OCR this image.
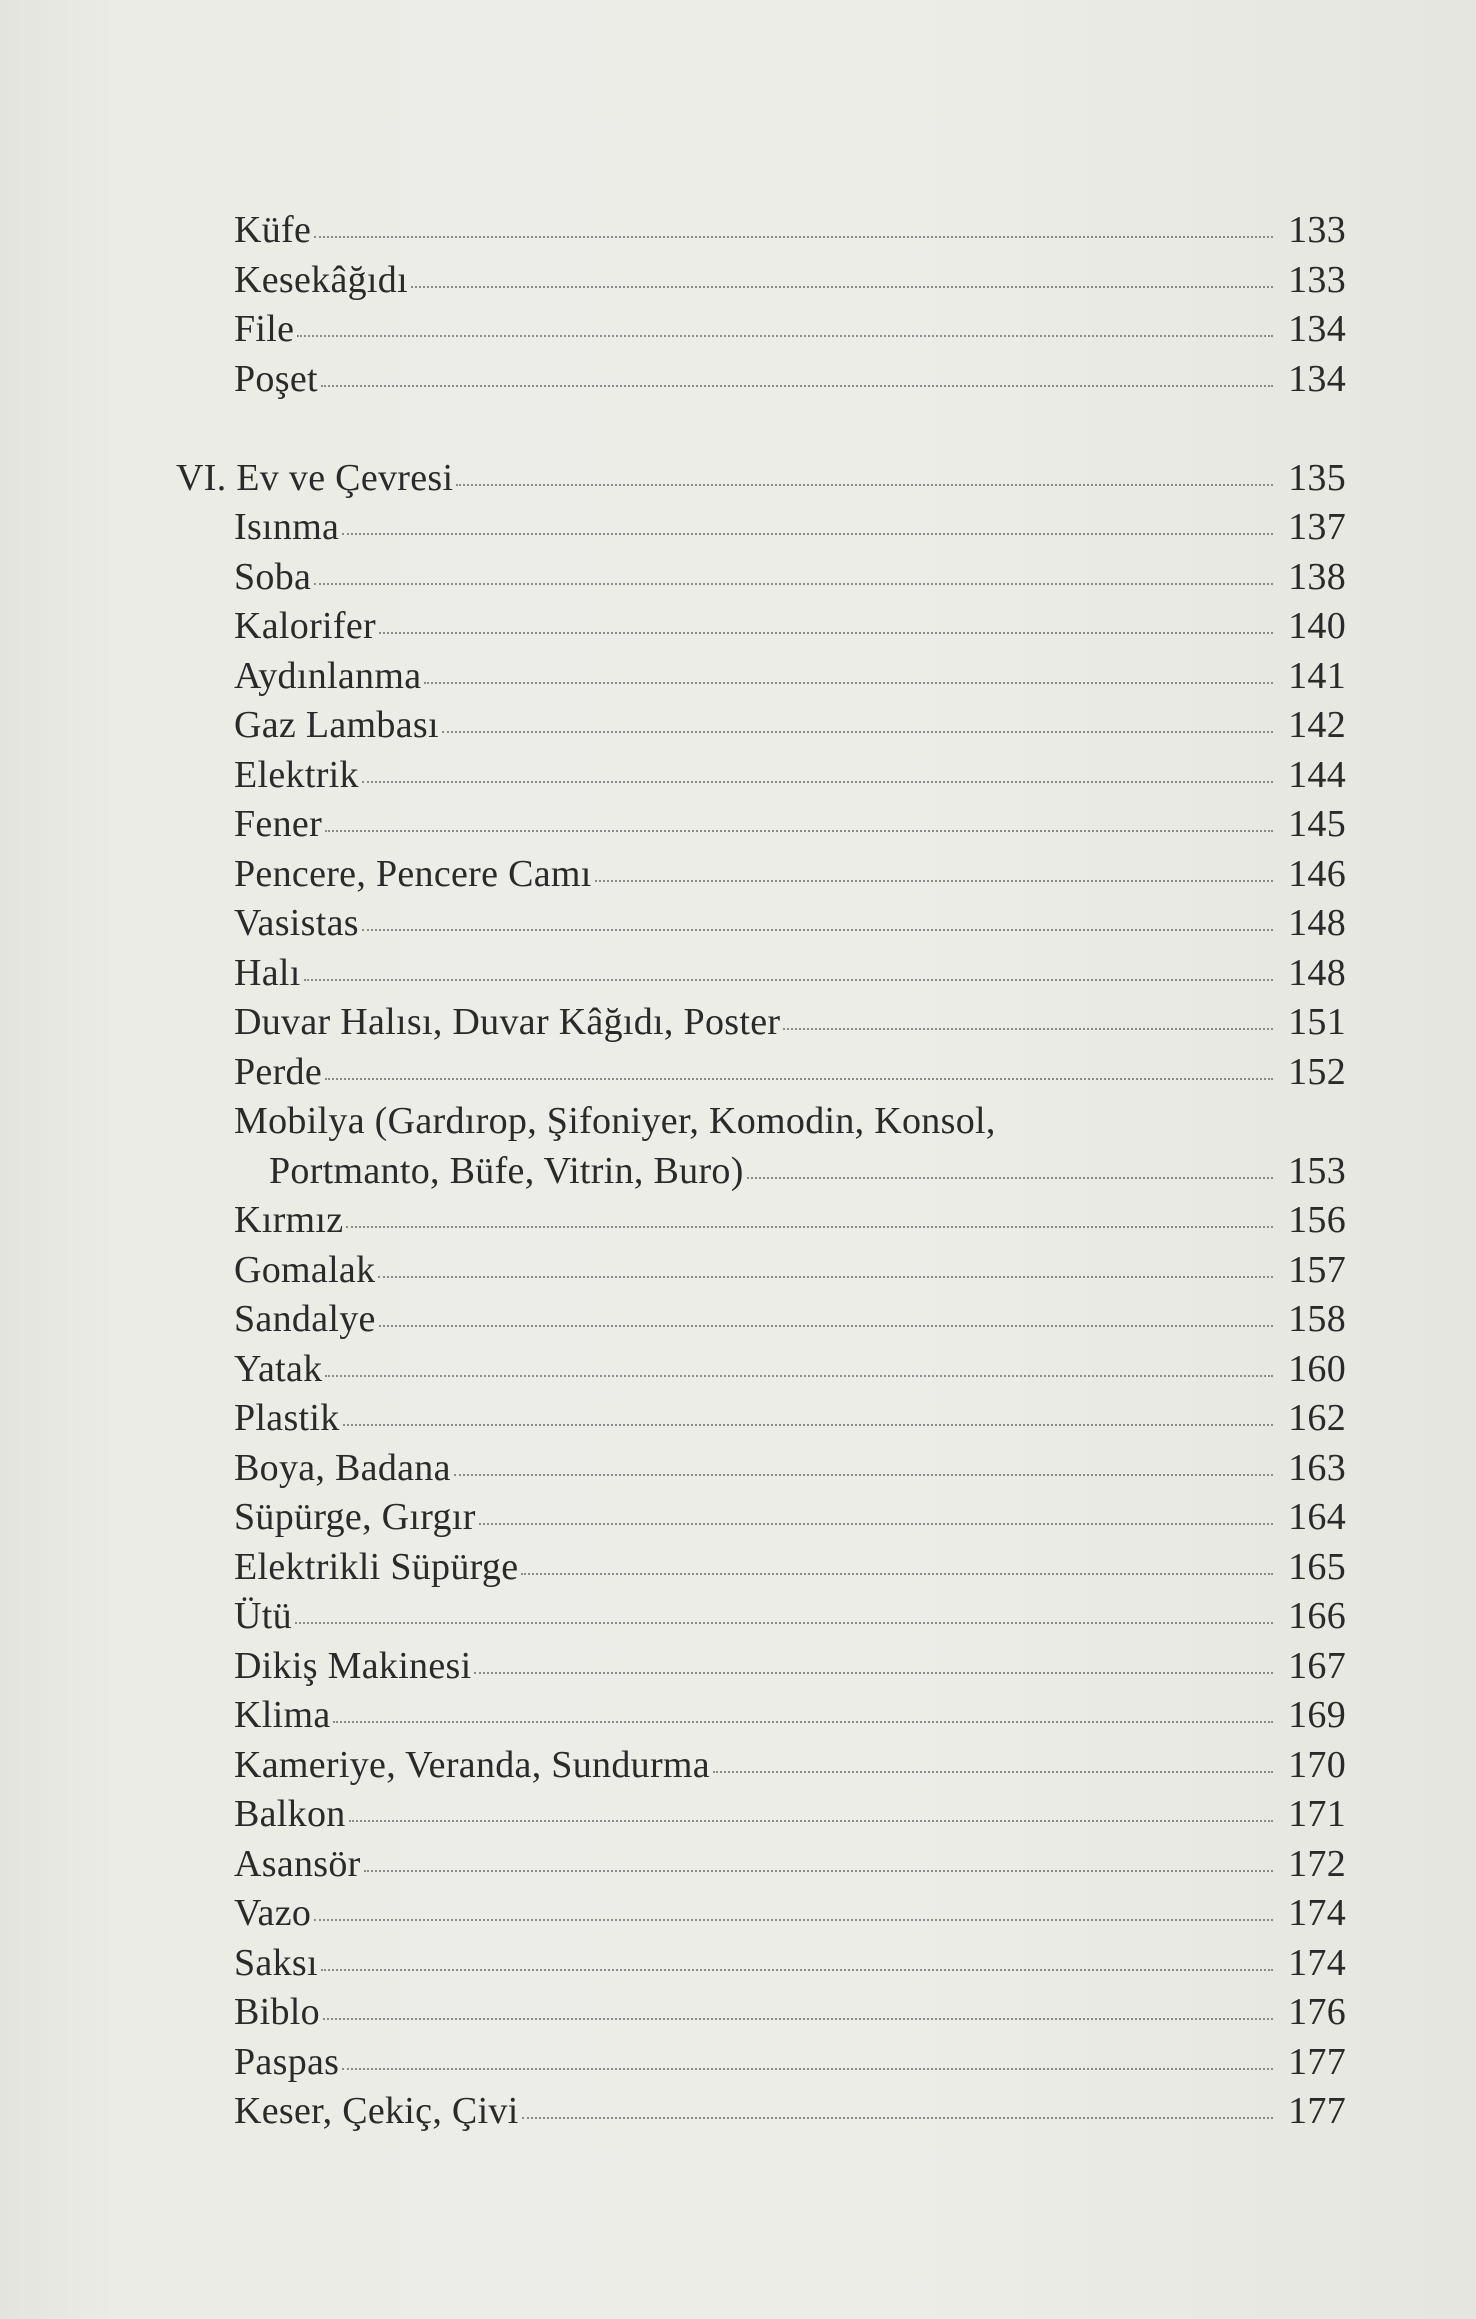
Küfe	133
Kesekâğıdı	133
File	134
Poşet	134
VI. Ev ve Çevresi	135
Isınma	137
Soba	138
Kalorifer	140
Aydınlanma	141
Gaz Lambası	142
Elektrik	144
Fener	145
Pencere, Pencere Camı	146
Vasistas	148
Halı	148
Duvar Halısı, Duvar Kâğıdı, Poster	151
Perde	152
Mobilya (Gardırop, Şifoniyer, Komodin, Konsol,
Portmanto, Büfe, Vitrin, Buro)	153
Kırmız	156
Gomalak	157
Sandalye	158
Yatak	160
Plastik	162
Boya, Badana	163
Süpürge, Gırgır	164
Elektrikli Süpürge	165
Ütü	166
Dikiş Makinesi	167
Klima	169
Kameriye, Veranda, Sundurma	170
Balkon	171
Asansör	172
Vazo	174
Saksı	174
Biblo	176
Paspas	177
Keser, Çekiç, Çivi	177
